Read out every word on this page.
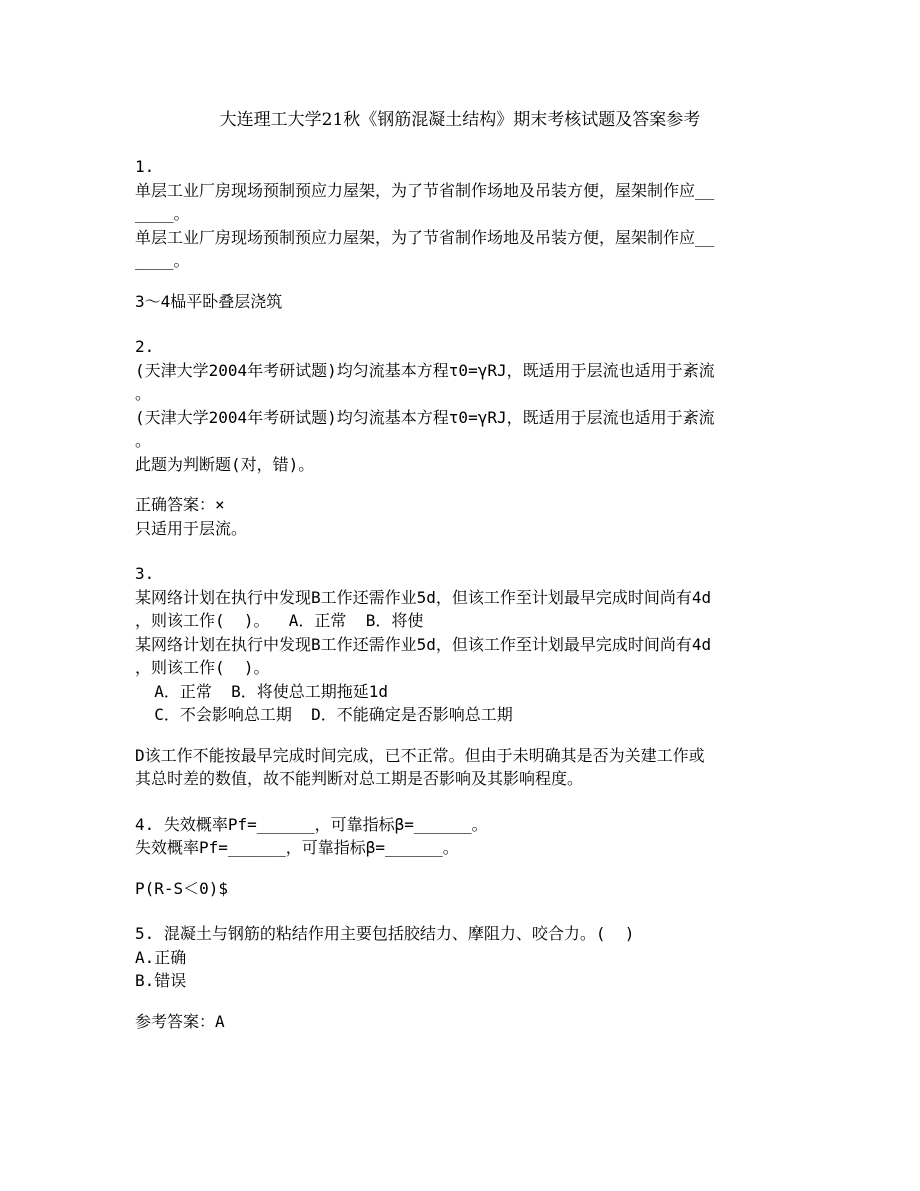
大连理工大学21秋《钢筋混凝土结构》期末考核试题及答案参考
1.
单层工业厂房现场预制预应力屋架，为了节省制作场地及吊装方便，屋架制作应__
____。
单层工业厂房现场预制预应力屋架，为了节省制作场地及吊装方便，屋架制作应__
____。
3～4榀平卧叠层浇筑
2.
(天津大学2004年考研试题)均匀流基本方程τ0=γRJ，既适用于层流也适用于紊流
。
(天津大学2004年考研试题)均匀流基本方程τ0=γRJ，既适用于层流也适用于紊流
。
此题为判断题(对，错)。
正确答案：×
只适用于层流。
3.
某网络计划在执行中发现B工作还需作业5d，但该工作至计划最早完成时间尚有4d
，则该工作(  )。  A．正常  B．将使
某网络计划在执行中发现B工作还需作业5d，但该工作至计划最早完成时间尚有4d
，则该工作(  )。
A．正常  B．将使总工期拖延1d
C．不会影响总工期  D．不能确定是否影响总工期
D该工作不能按最早完成时间完成，已不正常。但由于未明确其是否为关建工作或
其总时差的数值，故不能判断对总工期是否影响及其影响程度。
4. 失效概率Pf=______，可靠指标β=______。
失效概率Pf=______，可靠指标β=______。
P(R-S＜0)$
5. 混凝土与钢筋的粘结作用主要包括胶结力、摩阻力、咬合力。(  )
A.正确
B.错误
参考答案：A
